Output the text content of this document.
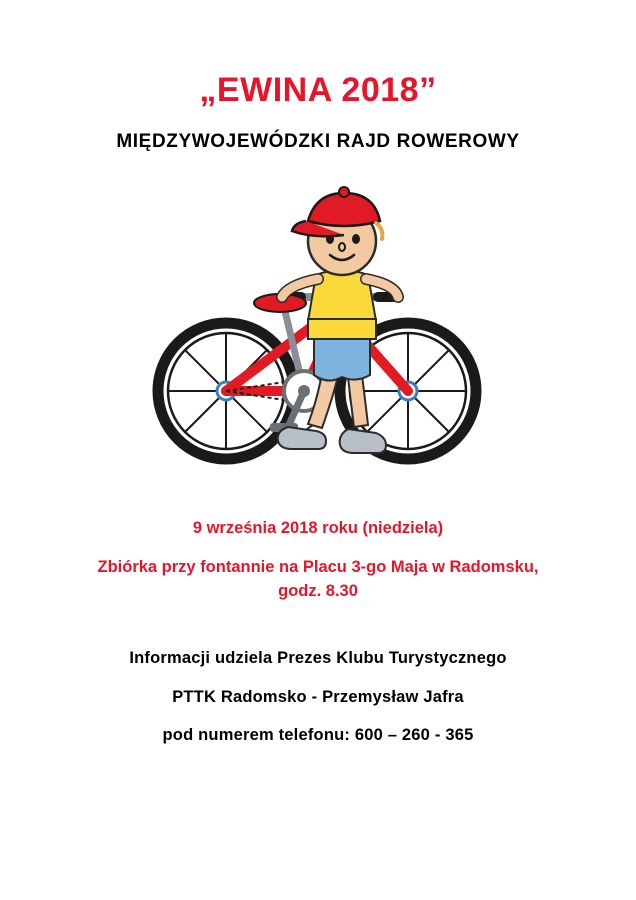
„EWINA 2018”
MIĘDZYWOJEWÓDZKI RAJD ROWEROWY
9 września 2018 roku (niedziela)
Zbiórka przy fontannie na Placu 3-go Maja w Radomsku, godz. 8.30
Informacji udziela Prezes Klubu Turystycznego
PTTK Radomsko - Przemysław Jafra
pod numerem telefonu: 600 – 260 - 365
